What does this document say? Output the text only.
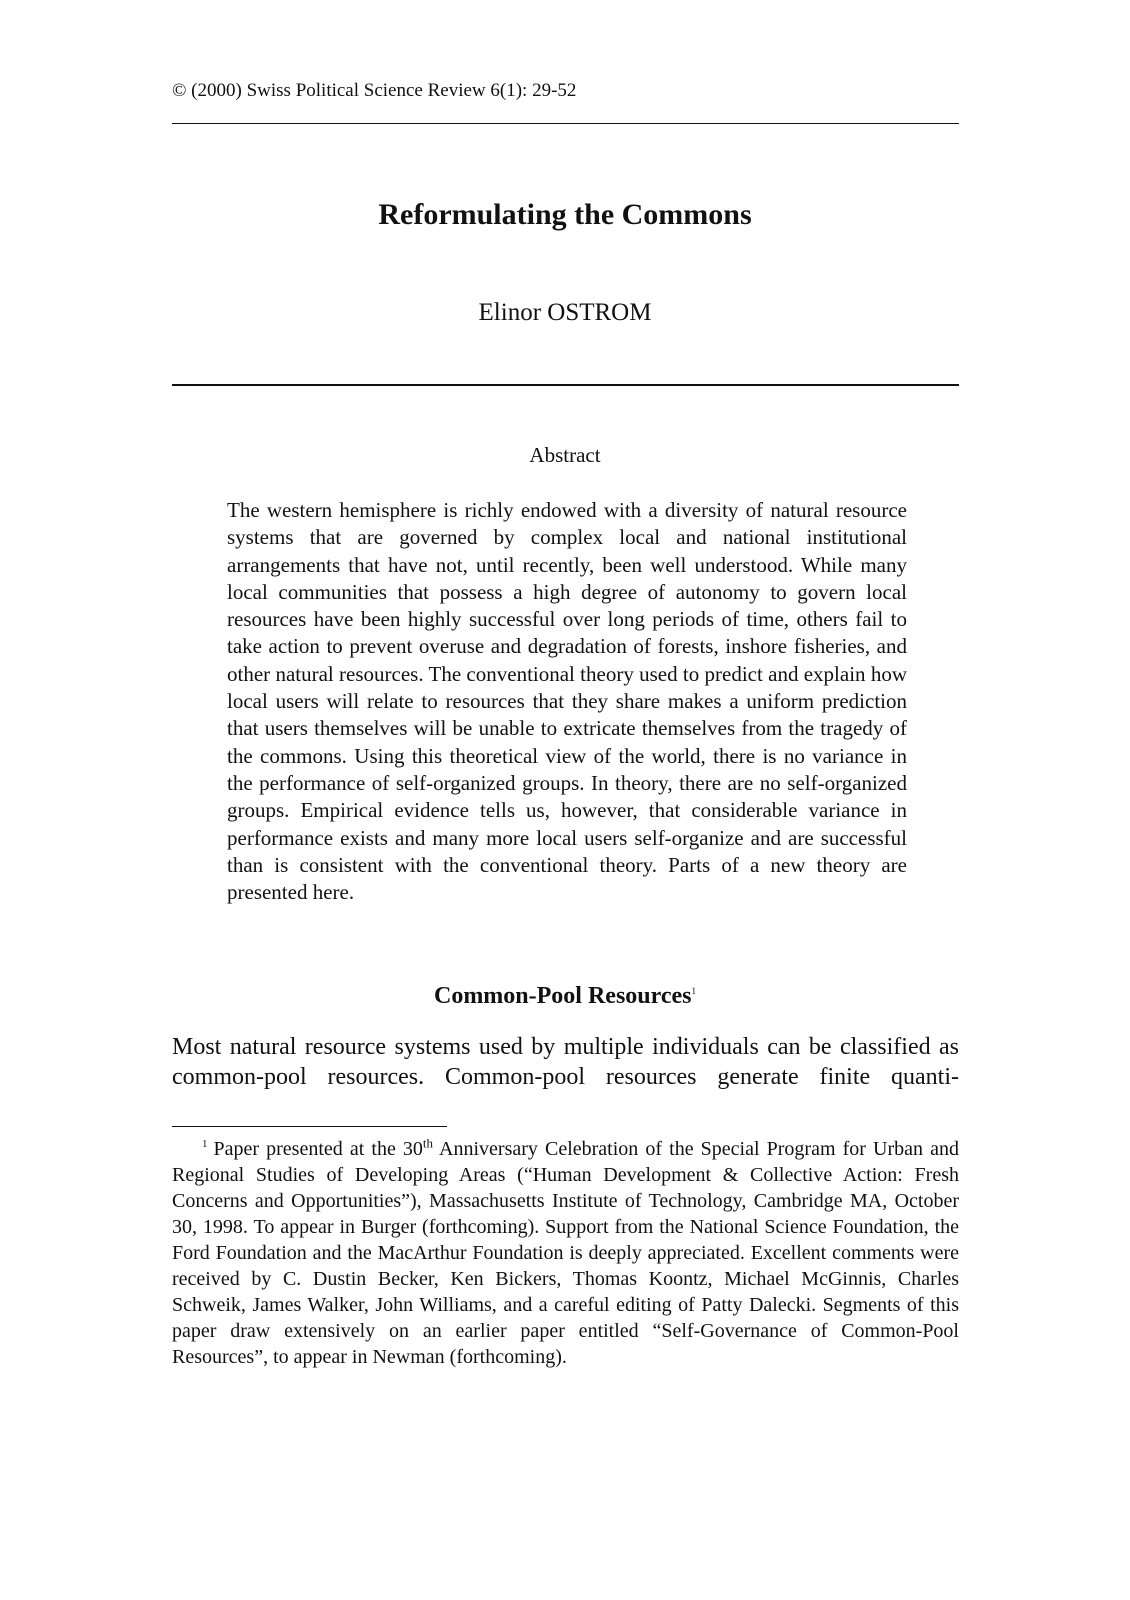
© (2000) Swiss Political Science Review 6(1): 29-52
Reformulating the Commons
Elinor OSTROM
Abstract

The western hemisphere is richly endowed with a diversity of natural resource systems that are governed by complex local and national institutional arrangements that have not, until recently, been well understood. While many local communities that possess a high degree of autonomy to govern local resources have been highly successful over long periods of time, others fail to take action to prevent overuse and degradation of forests, inshore fisheries, and other natural resources. The conventional theory used to predict and explain how local users will relate to resources that they share makes a uniform prediction that users themselves will be unable to extricate themselves from the tragedy of the commons. Using this theoretical view of the world, there is no variance in the performance of self-organized groups. In theory, there are no self-organized groups. Empirical evidence tells us, however, that considerable variance in performance exists and many more local users self-organize and are successful than is consistent with the conventional theory. Parts of a new theory are presented here.

Common-Pool Resources$^1$

Most natural resource systems used by multiple individuals can be classified as common-pool resources. Common-pool resources generate finite quanti-

$^1$ Paper presented at the 30th Anniversary Celebration of the Special Program for Urban and Regional Studies of Developing Areas (“Human Development & Collective Action: Fresh Concerns and Opportunities”), Massachusetts Institute of Technology, Cambridge MA, October 30, 1998. To appear in Burger (forthcoming). Support from the National Science Foundation, the Ford Foundation and the MacArthur Foundation is deeply appreciated. Excellent comments were received by C. Dustin Becker, Ken Bickers, Thomas Koontz, Michael McGinnis, Charles Schweik, James Walker, John Williams, and a careful editing of Patty Dalecki. Segments of this paper draw extensively on an earlier paper entitled “Self-Governance of Common-Pool Resources”, to appear in Newman (forthcoming).
